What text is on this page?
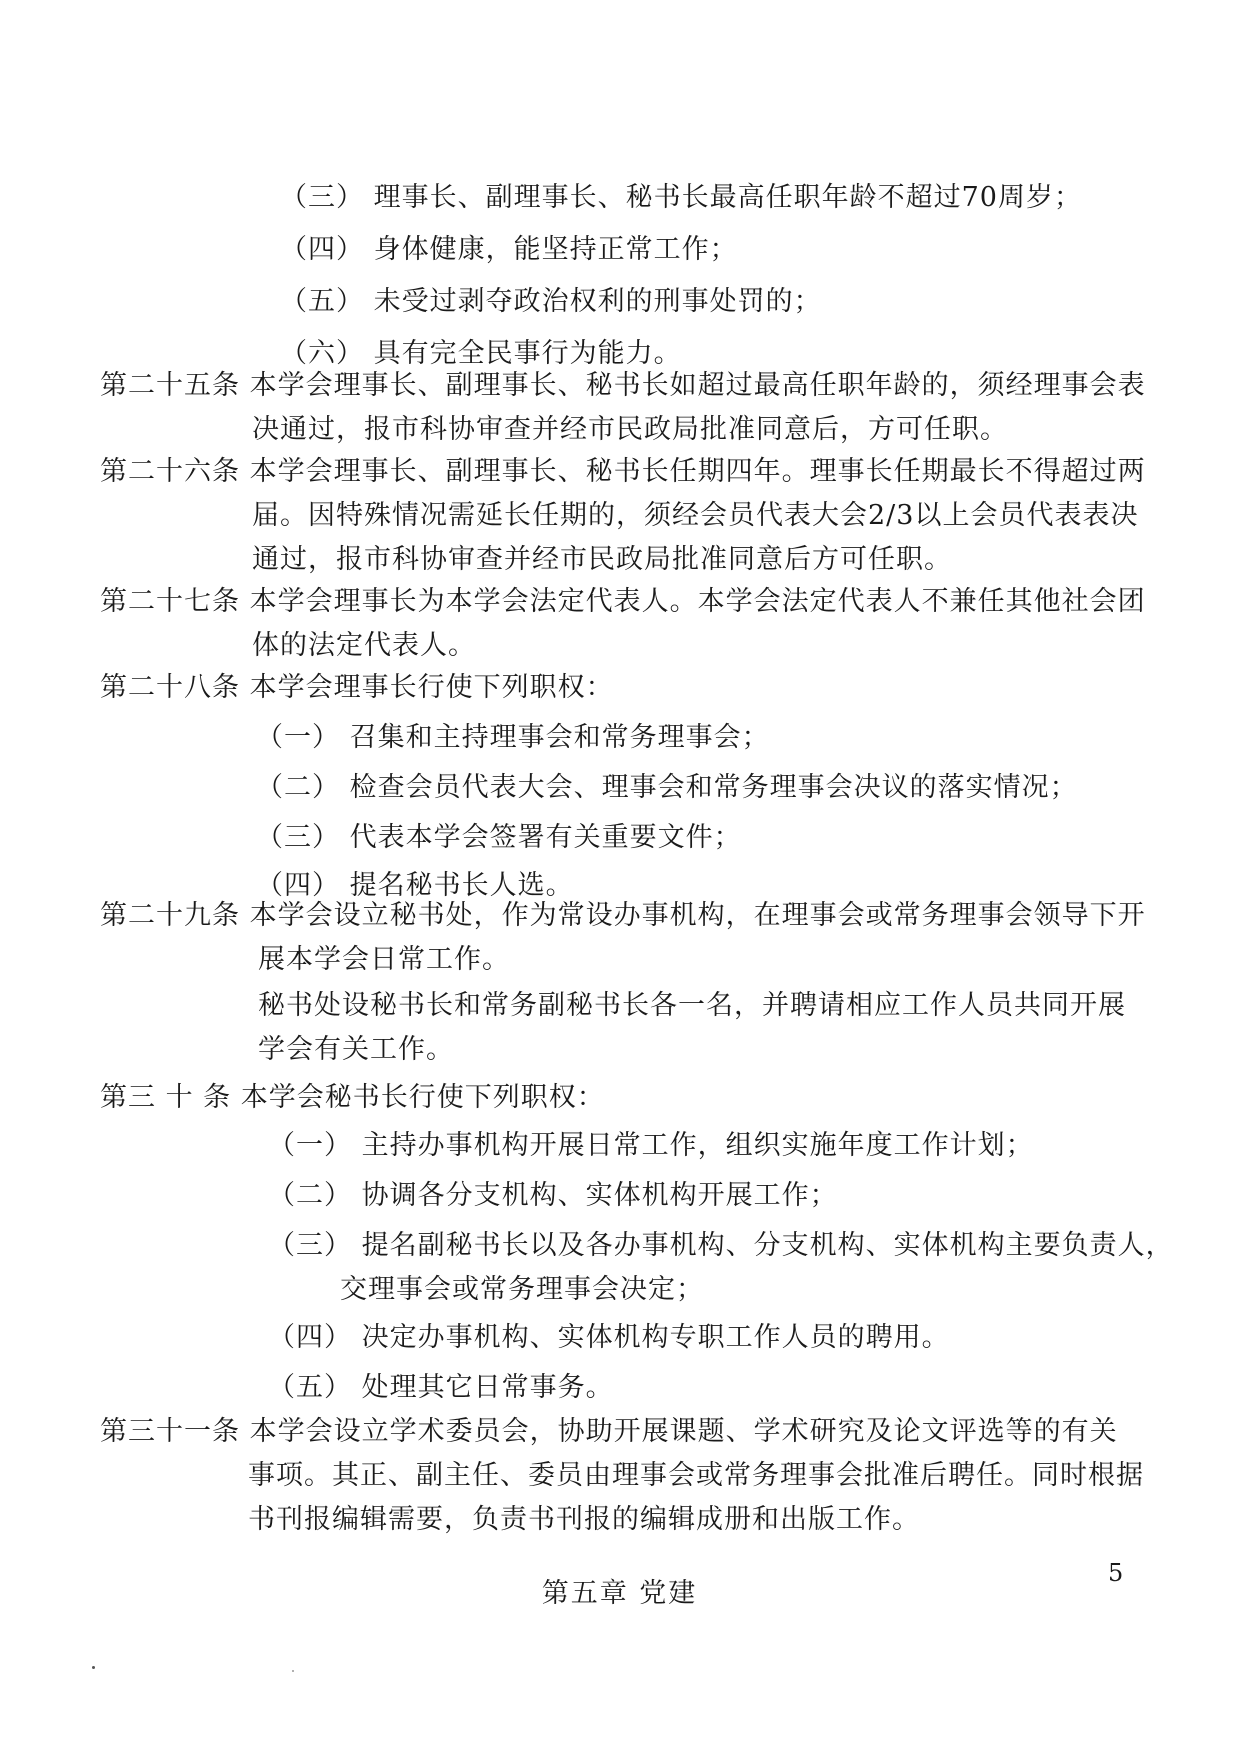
（三） 理事长、副理事长、秘书长最高任职年龄不超过70周岁；
（四） 身体健康，能坚持正常工作；
（五） 未受过剥夺政治权利的刑事处罚的；
（六） 具有完全民事行为能力。
第二十五条 本学会理事长、副理事长、秘书长如超过最高任职年龄的，须经理事会表
决通过，报市科协审查并经市民政局批准同意后，方可任职。
第二十六条 本学会理事长、副理事长、秘书长任期四年。理事长任期最长不得超过两
届。因特殊情况需延长任期的，须经会员代表大会2/3以上会员代表表决
通过，报市科协审查并经市民政局批准同意后方可任职。
第二十七条 本学会理事长为本学会法定代表人。本学会法定代表人不兼任其他社会团
体的法定代表人。
第二十八条 本学会理事长行使下列职权：
（一） 召集和主持理事会和常务理事会；
（二） 检查会员代表大会、理事会和常务理事会决议的落实情况；
（三） 代表本学会签署有关重要文件；
（四） 提名秘书长人选。
第二十九条 本学会设立秘书处，作为常设办事机构，在理事会或常务理事会领导下开
展本学会日常工作。
秘书处设秘书长和常务副秘书长各一名，并聘请相应工作人员共同开展
学会有关工作。
第三 十 条 本学会秘书长行使下列职权：
（一） 主持办事机构开展日常工作，组织实施年度工作计划；
（二） 协调各分支机构、实体机构开展工作；
（三） 提名副秘书长以及各办事机构、分支机构、实体机构主要负责人，
交理事会或常务理事会决定；
（四） 决定办事机构、实体机构专职工作人员的聘用。
（五） 处理其它日常事务。
第三十一条 本学会设立学术委员会，协助开展课题、学术研究及论文评选等的有关
事项。其正、副主任、委员由理事会或常务理事会批准后聘任。同时根据
书刊报编辑需要，负责书刊报的编辑成册和出版工作。
第五章 党建
5
